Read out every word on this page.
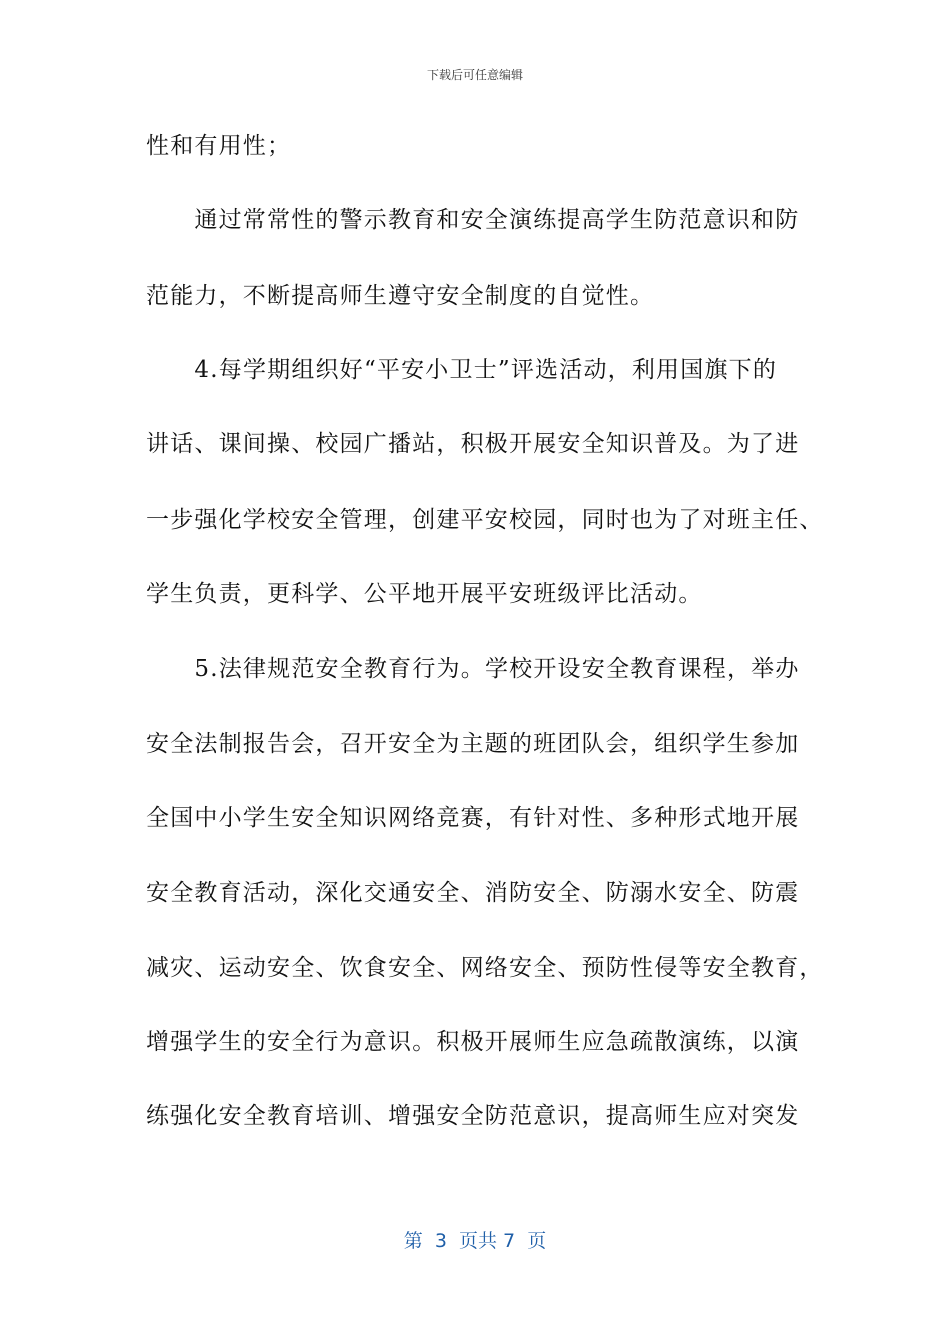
下载后可任意编辑
性和有用性；
　　通过常常性的警示教育和安全演练提高学生防范意识和防
范能力，不断提高师生遵守安全制度的自觉性。
　　4.每学期组织好“平安小卫士”评选活动，利用国旗下的
讲话、课间操、校园广播站，积极开展安全知识普及。为了进
一步强化学校安全管理，创建平安校园，同时也为了对班主任、
学生负责，更科学、公平地开展平安班级评比活动。
　　5.法律规范安全教育行为。学校开设安全教育课程，举办
安全法制报告会，召开安全为主题的班团队会，组织学生参加
全国中小学生安全知识网络竞赛，有针对性、多种形式地开展
安全教育活动，深化交通安全、消防安全、防溺水安全、防震
减灾、运动安全、饮食安全、网络安全、预防性侵等安全教育，
增强学生的安全行为意识。积极开展师生应急疏散演练，以演
练强化安全教育培训、增强安全防范意识，提高师生应对突发
第  3  页共 7  页
